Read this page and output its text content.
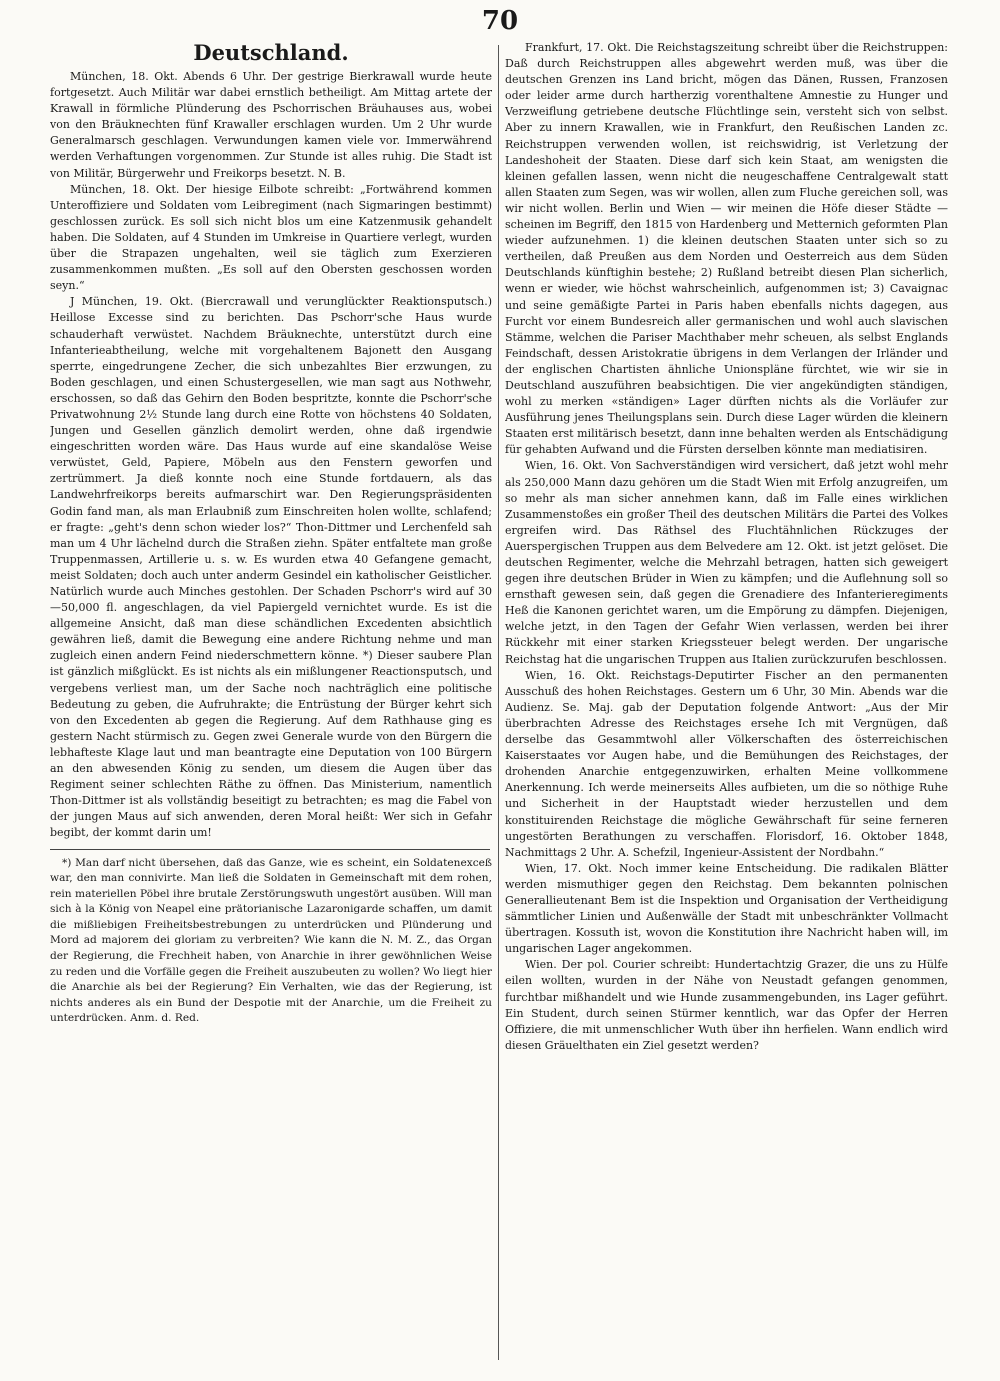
70
Deutschland.

München, 18. Okt. Abends 6 Uhr. Der gestrige Bierkrawall wurde heute fortgesetzt. Auch Militär war dabei ernstlich betheiligt. Am Mittag artete der Krawall in förmliche Plünderung des Pschorrischen Bräuhauses aus, wobei von den Bräuknechten fünf Krawaller erschlagen wurden. Um 2 Uhr wurde Generalmarsch geschlagen. Verwundungen kamen viele vor. Immerwährend werden Verhaftungen vorgenommen. Zur Stunde ist alles ruhig. Die Stadt ist von Militär, Bürgerwehr und Freikorps besetzt. N. B.

München, 18. Okt. Der hiesige Eilbote schreibt: „Fortwährend kommen Unteroffiziere und Soldaten vom Leibregiment (nach Sigmaringen bestimmt) geschlossen zurück. Es soll sich nicht blos um eine Katzenmusik gehandelt haben. Die Soldaten, auf 4 Stunden im Umkreise in Quartiere verlegt, wurden über die Strapazen ungehalten, weil sie täglich zum Exerzieren zusammenkommen mußten. „Es soll auf den Obersten geschossen worden seyn.“

J München, 19. Okt. (Biercrawall und verunglückter Reaktionsputsch.) Heillose Excesse sind zu berichten. Das Pschorr'sche Haus wurde schauderhaft verwüstet. Nachdem Bräuknechte, unterstützt durch eine Infanterieabtheilung, welche mit vorgehaltenem Bajonett den Ausgang sperrte, eingedrungene Zecher, die sich unbezahltes Bier erzwungen, zu Boden geschlagen, und einen Schustergesellen, wie man sagt aus Nothwehr, erschossen, so daß das Gehirn den Boden bespritzte, konnte die Pschorr'sche Privatwohnung 2½ Stunde lang durch eine Rotte von höchstens 40 Soldaten, Jungen und Gesellen gänzlich demolirt werden, ohne daß irgendwie eingeschritten worden wäre. Das Haus wurde auf eine skandalöse Weise verwüstet, Geld, Papiere, Möbeln aus den Fenstern geworfen und zertrümmert. Ja dieß konnte noch eine Stunde fortdauern, als das Landwehrfreikorps bereits aufmarschirt war. Den Regierungspräsidenten Godin fand man, als man Erlaubniß zum Einschreiten holen wollte, schlafend; er fragte: „geht's denn schon wieder los?“ Thon-Dittmer und Lerchenfeld sah man um 4 Uhr lächelnd durch die Straßen ziehn. Später entfaltete man große Truppenmassen, Artillerie u. s. w. Es wurden etwa 40 Gefangene gemacht, meist Soldaten; doch auch unter anderm Gesindel ein katholischer Geistlicher. Natürlich wurde auch Minches gestohlen. Der Schaden Pschorr's wird auf 30—50,000 fl. angeschlagen, da viel Papiergeld vernichtet wurde. Es ist die allgemeine Ansicht, daß man diese schändlichen Excedenten absichtlich gewähren ließ, damit die Bewegung eine andere Richtung nehme und man zugleich einen andern Feind niederschmettern könne. *) Dieser saubere Plan ist gänzlich mißglückt. Es ist nichts als ein mißlungener Reactionsputsch, und vergebens verliest man, um der Sache noch nachträglich eine politische Bedeutung zu geben, die Aufruhrakte; die Entrüstung der Bürger kehrt sich von den Excedenten ab gegen die Regierung. Auf dem Rathhause ging es gestern Nacht stürmisch zu. Gegen zwei Generale wurde von den Bürgern die lebhafteste Klage laut und man beantragte eine Deputation von 100 Bürgern an den abwesenden König zu senden, um diesem die Augen über das Regiment seiner schlechten Räthe zu öffnen. Das Ministerium, namentlich Thon-Dittmer ist als vollständig beseitigt zu betrachten; es mag die Fabel von der jungen Maus auf sich anwenden, deren Moral heißt: Wer sich in Gefahr begibt, der kommt darin um!

*) Man darf nicht übersehen, daß das Ganze, wie es scheint, ein Soldatenexceß war, den man connivirte. Man ließ die Soldaten in Gemeinschaft mit dem rohen, rein materiellen Pöbel ihre brutale Zerstörungswuth ungestört ausüben. Will man sich à la König von Neapel eine prätorianische Lazaronigarde schaffen, um damit die mißliebigen Freiheitsbestrebungen zu unterdrücken und Plünderung und Mord ad majorem dei gloriam zu verbreiten? Wie kann die N. M. Z., das Organ der Regierung, die Frechheit haben, von Anarchie in ihrer gewöhnlichen Weise zu reden und die Vorfälle gegen die Freiheit auszubeuten zu wollen? Wo liegt hier die Anarchie als bei der Regierung? Ein Verhalten, wie das der Regierung, ist nichts anderes als ein Bund der Despotie mit der Anarchie, um die Freiheit zu unterdrücken. Anm. d. Red.

Frankfurt, 17. Okt. Die Reichstagszeitung schreibt über die Reichstruppen: Daß durch Reichstruppen alles abgewehrt werden muß, was über die deutschen Grenzen ins Land bricht, mögen das Dänen, Russen, Franzosen oder leider arme durch hartherzig vorenthaltene Amnestie zu Hunger und Verzweiflung getriebene deutsche Flüchtlinge sein, versteht sich von selbst. Aber zu innern Krawallen, wie in Frankfurt, den Reußischen Landen zc. Reichstruppen verwenden wollen, ist reichswidrig, ist Verletzung der Landeshoheit der Staaten. Diese darf sich kein Staat, am wenigsten die kleinen gefallen lassen, wenn nicht die neugeschaffene Centralgewalt statt allen Staaten zum Segen, was wir wollen, allen zum Fluche gereichen soll, was wir nicht wollen. Berlin und Wien — wir meinen die Höfe dieser Städte — scheinen im Begriff, den 1815 von Hardenberg und Metternich geformten Plan wieder aufzunehmen. 1) die kleinen deutschen Staaten unter sich so zu vertheilen, daß Preußen aus dem Norden und Oesterreich aus dem Süden Deutschlands künftighin bestehe; 2) Rußland betreibt diesen Plan sicherlich, wenn er wieder, wie höchst wahrscheinlich, aufgenommen ist; 3) Cavaignac und seine gemäßigte Partei in Paris haben ebenfalls nichts dagegen, aus Furcht vor einem Bundesreich aller germanischen und wohl auch slavischen Stämme, welchen die Pariser Machthaber mehr scheuen, als selbst Englands Feindschaft, dessen Aristokratie übrigens in dem Verlangen der Irländer und der englischen Chartisten ähnliche Unionspläne fürchtet, wie wir sie in Deutschland auszuführen beabsichtigen. Die vier angekündigten ständigen, wohl zu merken «ständigen» Lager dürften nichts als die Vorläufer zur Ausführung jenes Theilungsplans sein. Durch diese Lager würden die kleinern Staaten erst militärisch besetzt, dann inne behalten werden als Entschädigung für gehabten Aufwand und die Fürsten derselben könnte man mediatisiren.

Wien, 16. Okt. Von Sachverständigen wird versichert, daß jetzt wohl mehr als 250,000 Mann dazu gehören um die Stadt Wien mit Erfolg anzugreifen, um so mehr als man sicher annehmen kann, daß im Falle eines wirklichen Zusammenstoßes ein großer Theil des deutschen Militärs die Partei des Volkes ergreifen wird. Das Räthsel des Fluchtähnlichen Rückzuges der Auerspergischen Truppen aus dem Belvedere am 12. Okt. ist jetzt gelöset. Die deutschen Regimenter, welche die Mehrzahl betragen, hatten sich geweigert gegen ihre deutschen Brüder in Wien zu kämpfen; und die Auflehnung soll so ernsthaft gewesen sein, daß gegen die Grenadiere des Infanterieregiments Heß die Kanonen gerichtet waren, um die Empörung zu dämpfen. Diejenigen, welche jetzt, in den Tagen der Gefahr Wien verlassen, werden bei ihrer Rückkehr mit einer starken Kriegssteuer belegt werden. Der ungarische Reichstag hat die ungarischen Truppen aus Italien zurückzurufen beschlossen.

Wien, 16. Okt. Reichstags-Deputirter Fischer an den permanenten Ausschuß des hohen Reichstages. Gestern um 6 Uhr, 30 Min. Abends war die Audienz. Se. Maj. gab der Deputation folgende Antwort: „Aus der Mir überbrachten Adresse des Reichstages ersehe Ich mit Vergnügen, daß derselbe das Gesammtwohl aller Völkerschaften des österreichischen Kaiserstaates vor Augen habe, und die Bemühungen des Reichstages, der drohenden Anarchie entgegenzuwirken, erhalten Meine vollkommene Anerkennung. Ich werde meinerseits Alles aufbieten, um die so nöthige Ruhe und Sicherheit in der Hauptstadt wieder herzustellen und dem konstituirenden Reichstage die mögliche Gewährschaft für seine ferneren ungestörten Berathungen zu verschaffen. Florisdorf, 16. Oktober 1848, Nachmittags 2 Uhr. A. Schefzil, Ingenieur-Assistent der Nordbahn.“

Wien, 17. Okt. Noch immer keine Entscheidung. Die radikalen Blätter werden mismuthiger gegen den Reichstag. Dem bekannten polnischen Generallieutenant Bem ist die Inspektion und Organisation der Vertheidigung sämmtlicher Linien und Außenwälle der Stadt mit unbeschränkter Vollmacht übertragen. Kossuth ist, wovon die Konstitution ihre Nachricht haben will, im ungarischen Lager angekommen.

Wien. Der pol. Courier schreibt: Hundertachtzig Grazer, die uns zu Hülfe eilen wollten, wurden in der Nähe von Neustadt gefangen genommen, furchtbar mißhandelt und wie Hunde zusammengebunden, ins Lager geführt. Ein Student, durch seinen Stürmer kenntlich, war das Opfer der Herren Offiziere, die mit unmenschlicher Wuth über ihn herfielen. Wann endlich wird diesen Gräuelthaten ein Ziel gesetzt werden?
